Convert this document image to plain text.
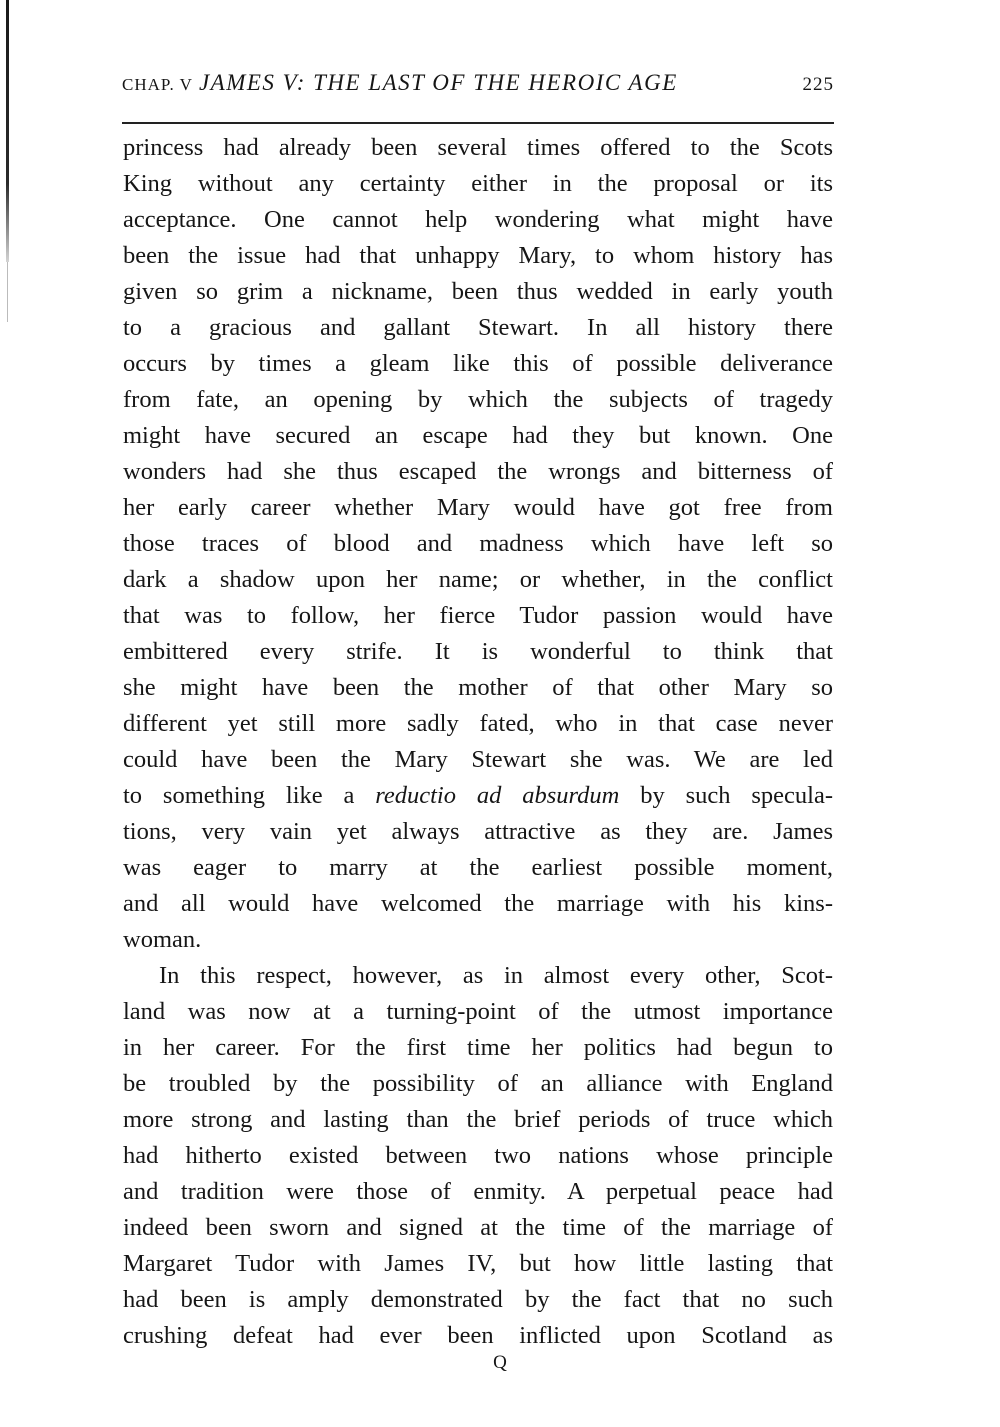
CHAP. V JAMES V: THE LAST OF THE HEROIC AGE	225
princess had already been several times offered to the Scots
King without any certainty either in the proposal or its
acceptance. One cannot help wondering what might have
been the issue had that unhappy Mary, to whom history has
given so grim a nickname, been thus wedded in early youth
to a gracious and gallant Stewart. In all history there
occurs by times a gleam like this of possible deliverance
from fate, an opening by which the subjects of tragedy
might have secured an escape had they but known. One
wonders had she thus escaped the wrongs and bitterness of
her early career whether Mary would have got free from
those traces of blood and madness which have left so
dark a shadow upon her name; or whether, in the conflict
that was to follow, her fierce Tudor passion would have
embittered every strife. It is wonderful to think that
she might have been the mother of that other Mary so
different yet still more sadly fated, who in that case never
could have been the Mary Stewart she was. We are led
to something like a reductio ad absurdum by such specula-
tions, very vain yet always attractive as they are. James
was eager to marry at the earliest possible moment,
and all would have welcomed the marriage with his kins-
woman.
In this respect, however, as in almost every other, Scot-
land was now at a turning-point of the utmost importance
in her career. For the first time her politics had begun to
be troubled by the possibility of an alliance with England
more strong and lasting than the brief periods of truce which
had hitherto existed between two nations whose principle
and tradition were those of enmity. A perpetual peace had
indeed been sworn and signed at the time of the marriage of
Margaret Tudor with James IV, but how little lasting that
had been is amply demonstrated by the fact that no such
crushing defeat had ever been inflicted upon Scotland as
Q
